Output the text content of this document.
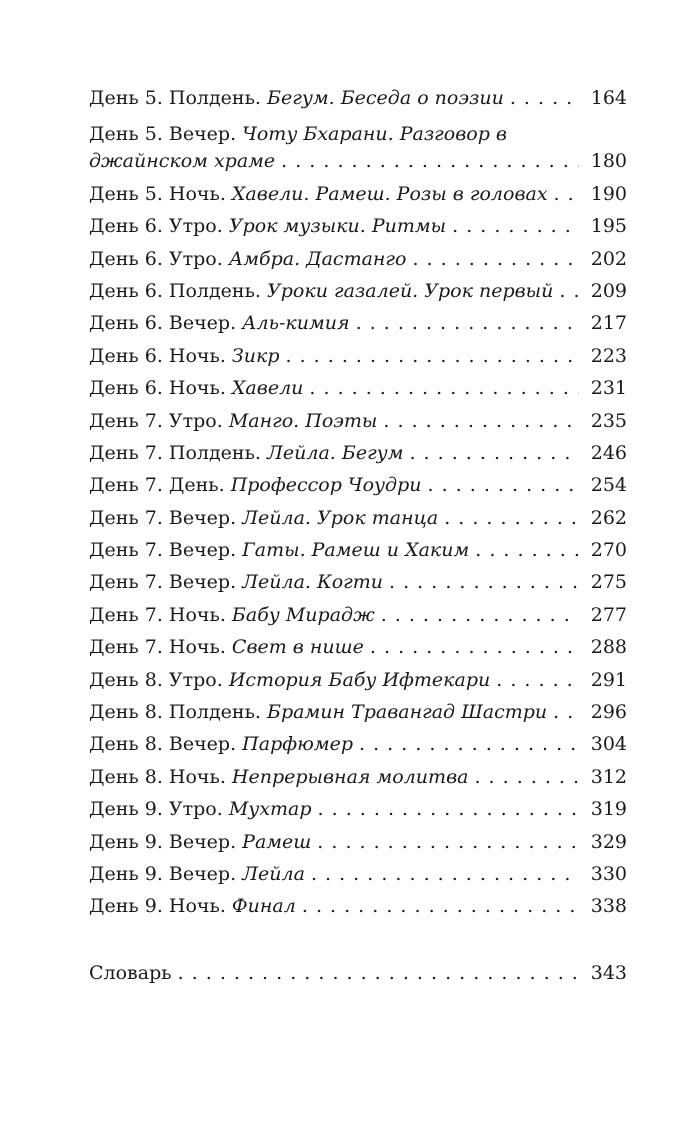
День 5. Полдень. Бегум. Беседа о поэзии . . .	164
День 5. Вечер. Чоту Бхарани. Разговор в джайнском храме . . .	180
День 5. Ночь. Хавели. Рамеш. Розы в головах . . .	190
День 6. Утро. Урок музыки. Ритмы . . .	195
День 6. Утро. Амбра. Дастанго . . .	202
День 6. Полдень. Уроки газалей. Урок первый . . .	209
День 6. Вечер. Аль-кимия . . .	217
День 6. Ночь. Зикр . . .	223
День 6. Ночь. Хавели . . .	231
День 7. Утро. Манго. Поэты . . .	235
День 7. Полдень. Лейла. Бегум . . .	246
День 7. День. Профессор Чоудри . . .	254
День 7. Вечер. Лейла. Урок танца . . .	262
День 7. Вечер. Гаты. Рамеш и Хаким . . .	270
День 7. Вечер. Лейла. Когти . . .	275
День 7. Ночь. Бабу Мирадж . . .	277
День 7. Ночь. Свет в нише . . .	288
День 8. Утро. История Бабу Ифтекари . . .	291
День 8. Полдень. Брамин Травангад Шастри . . .	296
День 8. Вечер. Парфюмер . . .	304
День 8. Ночь. Непрерывная молитва . . .	312
День 9. Утро. Мухтар . . .	319
День 9. Вечер. Рамеш . . .	329
День 9. Вечер. Лейла . . .	330
День 9. Ночь. Финал . . .	338
Словарь . . .	343
